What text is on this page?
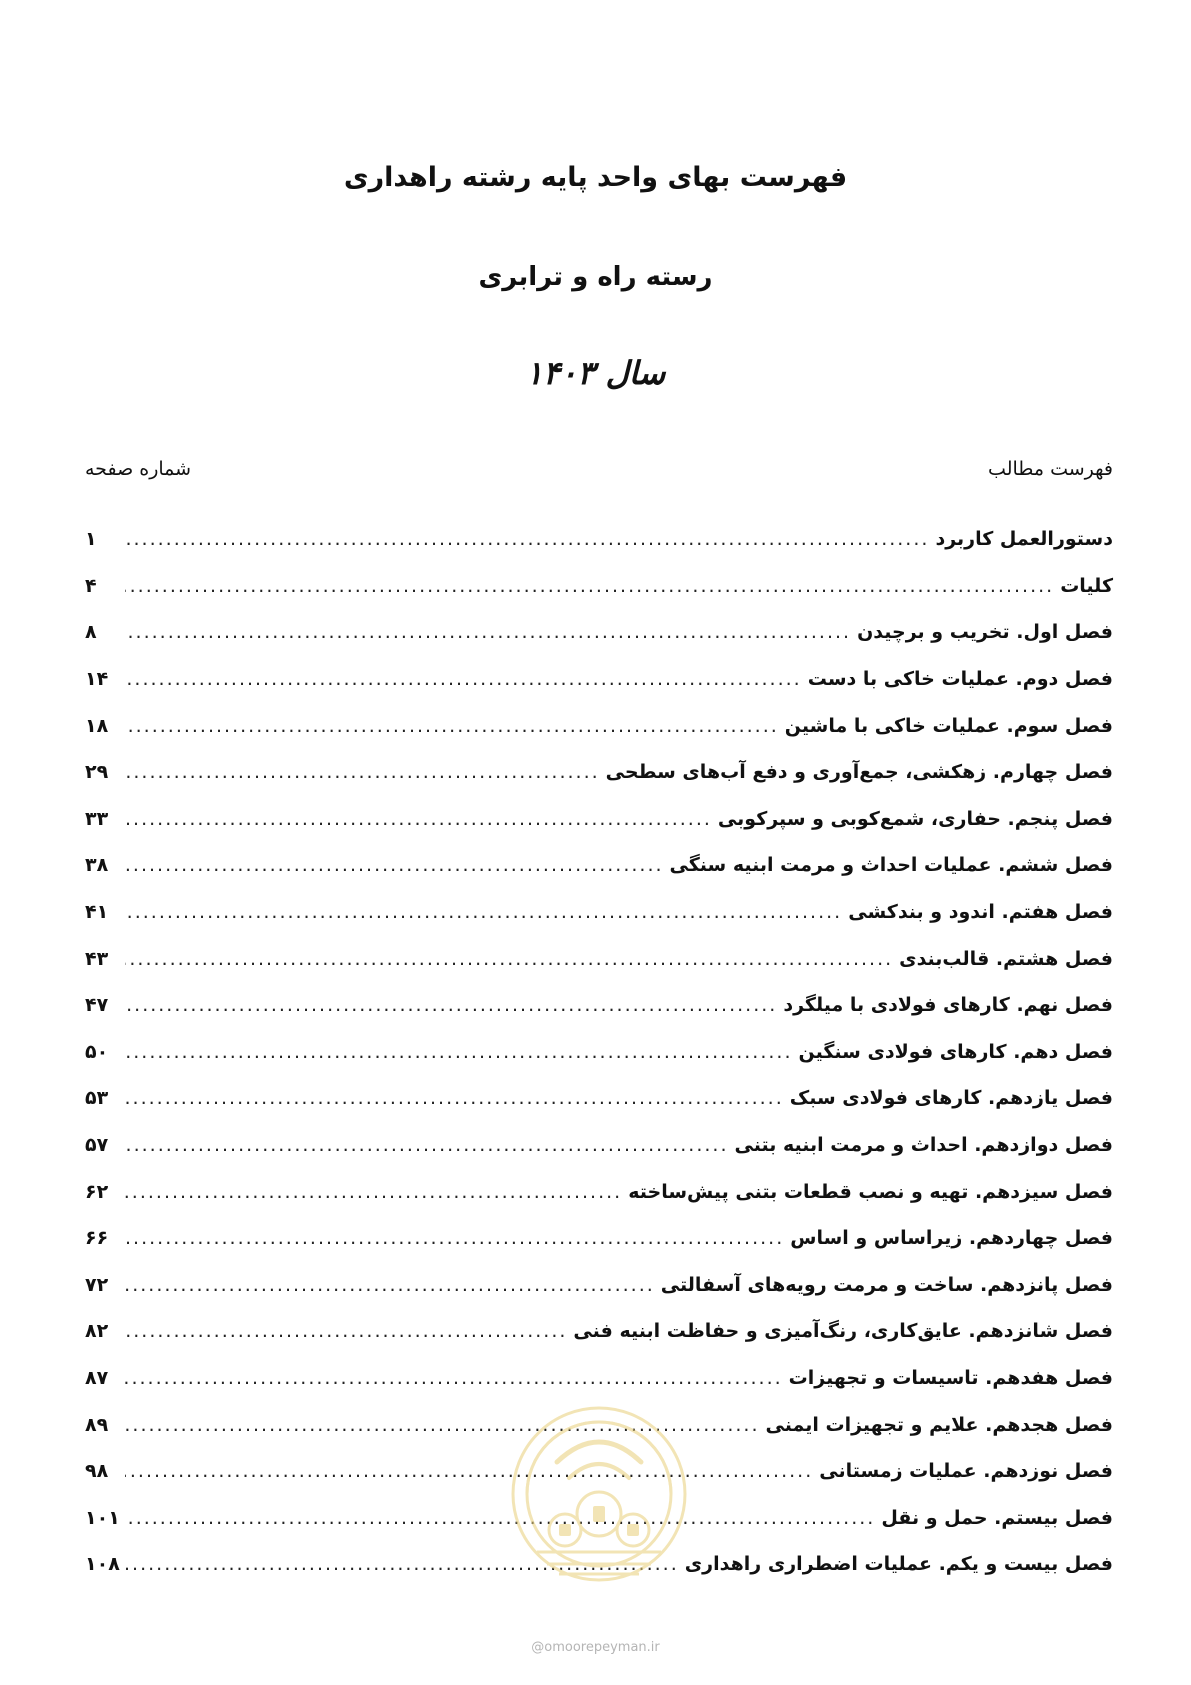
فهرست بهای واحد پایه رشته راهداری
رسته راه و ترابری
سال ۱۴۰۳
فهرست مطالب
شماره صفحه
دستورالعمل کاربرد
.....
۱
کلیات
.....
۴
فصل اول. تخریب و برچیدن
.....
۸
فصل دوم. عملیات خاکی با دست
.....
۱۴
فصل سوم. عملیات خاکی با ماشین
.....
۱۸
فصل چهارم. زهکشی، جمع‌آوری و دفع آب‌های سطحی
.....
۲۹
فصل پنجم. حفاری، شمع‌کوبی و سپرکوبی
.....
۳۳
فصل ششم. عملیات احداث و مرمت ابنیه سنگی
.....
۳۸
فصل هفتم. اندود و بندکشی
.....
۴۱
فصل هشتم. قالب‌بندی
.....
۴۳
فصل نهم. کارهای فولادی با میلگرد
.....
۴۷
فصل دهم. کارهای فولادی سنگین
.....
۵۰
فصل یازدهم. کارهای فولادی سبک
.....
۵۳
فصل دوازدهم. احداث و مرمت ابنیه بتنی
.....
۵۷
فصل سیزدهم. تهیه و نصب قطعات بتنی پیش‌ساخته
.....
۶۲
فصل چهاردهم. زیراساس و اساس
.....
۶۶
فصل پانزدهم. ساخت و مرمت رویه‌های آسفالتی
.....
۷۲
فصل شانزدهم. عایق‌کاری، رنگ‌آمیزی و حفاظت ابنیه فنی
.....
۸۲
فصل هفدهم. تاسیسات و تجهیزات
.....
۸۷
فصل هجدهم. علایم و تجهیزات ایمنی
.....
۸۹
فصل نوزدهم. عملیات زمستانی
.....
۹۸
فصل بیستم. حمل و نقل
.....
۱۰۱
فصل بیست و یکم. عملیات اضطراری راهداری
.....
۱۰۸
@omoorepeyman.ir
